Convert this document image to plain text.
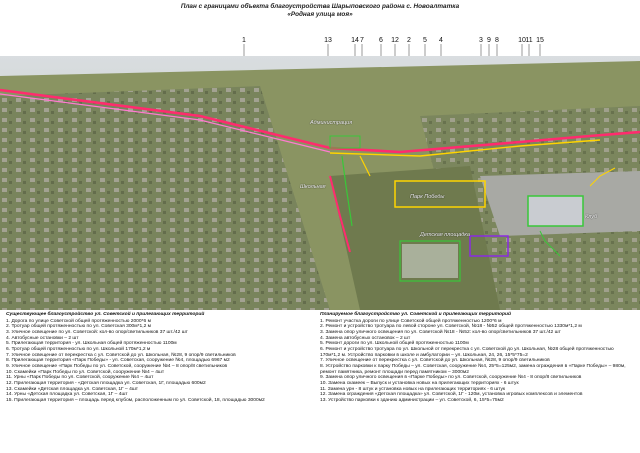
План с границами объекта благоустройства Шарыповского района с. Новоалтатка
«Родная улица моя»
1	13	14 7 6 12 2 5 4	3 9 8	10 11 15
Клуб
Парк Победы
Детская площадка
Школьная
Администрация
Существующее благоустройство ул. Советской и прилегающих территорий
1. Дорога по улице Советской общей протяженностью 2000*6 м
2. Тротуар общей протяженностью по ул. Советская 300м*1,2 м
3. Уличное освещение по ул. Советской: кол-во опор/светильников 37 шт./42 шт
4. Автобусные остановки – 2 шт
5. Прилегающая территория - ул. Школьная общей протяженностью 1100м
6. Тротуар общей протяженностью по ул. Школьной 170м*1,2 м
7. Уличное освещение от перекрестка с ул. Советской до ул. Школьная, №28, 9 опор/9 светильников
8. Прилегающая территория «Парк Победы» - ул. Советская, сооружение №4, площадью 6967 м2
9. Уличное освещение «Парк Победы по ул. Советской, сооружение №4 – 8 опор/8 светильников
10. Скамейки «Парк Победы по ул. Советской, сооружение №4 – 4шт
11. Урны «Парк Победы по ул. Советской, сооружение №4 – 4шт
12. Прилегающая территория - «Детская площадка ул. Советская, 1Г, площадью 600м2
13. Скамейки «Детская площадка ул. Советская, 1Г – 4шт
14. Урны «Детская площадка ул. Советская, 1Г – 4шт
15. Прилегающая территория – площадь перед клубом, расположенным по ул. Советской, 18, площадью 3000м2
Планируемое благоустройство ул. Советской и прилегающих территорий
1. Ремонт участка дороги по улице Советской общей протяженностью 1200*6 м
2. Ремонт и устройство тротуара по левой стороне ул. Советской, №18 - №52 общей протяженностью 1330м*1,2 м
3. Замена опор уличного освещения по ул. Советской №18 - №52: кол-во опор/светильников 37 шт./42 шт
4. Замена автобусных остановок – 2 шт
5. Ремонт дороги по ул. Школьной общей протяженностью 1100м
6. Ремонт и устройство тротуара по ул. Школьной от перекрестка с ул. Советской до ул. Школьная, №28 общей протяженностью 170м*1,2 м. Устройство парковки в школе и амбулатории – ул. Школьная, 24, 26, 15*5*75=2
7. Уличное освещение от перекрестка с ул. Советской до ул. Школьная, №28, 9 опор/9 светильников
8. Устройство парковки к парку Победы – ул. Советская, сооружение №4, 25*5=125м2, замена ограждения в «Парке Победы» – 980м, ремонт памятника, ремонт площади перед памятником – 3000м2
9. Замена опор уличного освещения в «Парке Победы» по ул. Советской, сооружение №4 - 8 опор/8 светильников
10. Замена скамеек – Выпуск и установка новых на прилегающих территориях - 6 штук
11. Замена урн - 8 штук и установка новых на прилегающих территориях - 6 штук
12. Замена ограждения «Детская площадка» ул. Советской, 1Г - 120м, установка игровых комплексов и элементов
13. Устройство парковки к зданию администрации – ул. Советской, 6, 15*5=75м2
